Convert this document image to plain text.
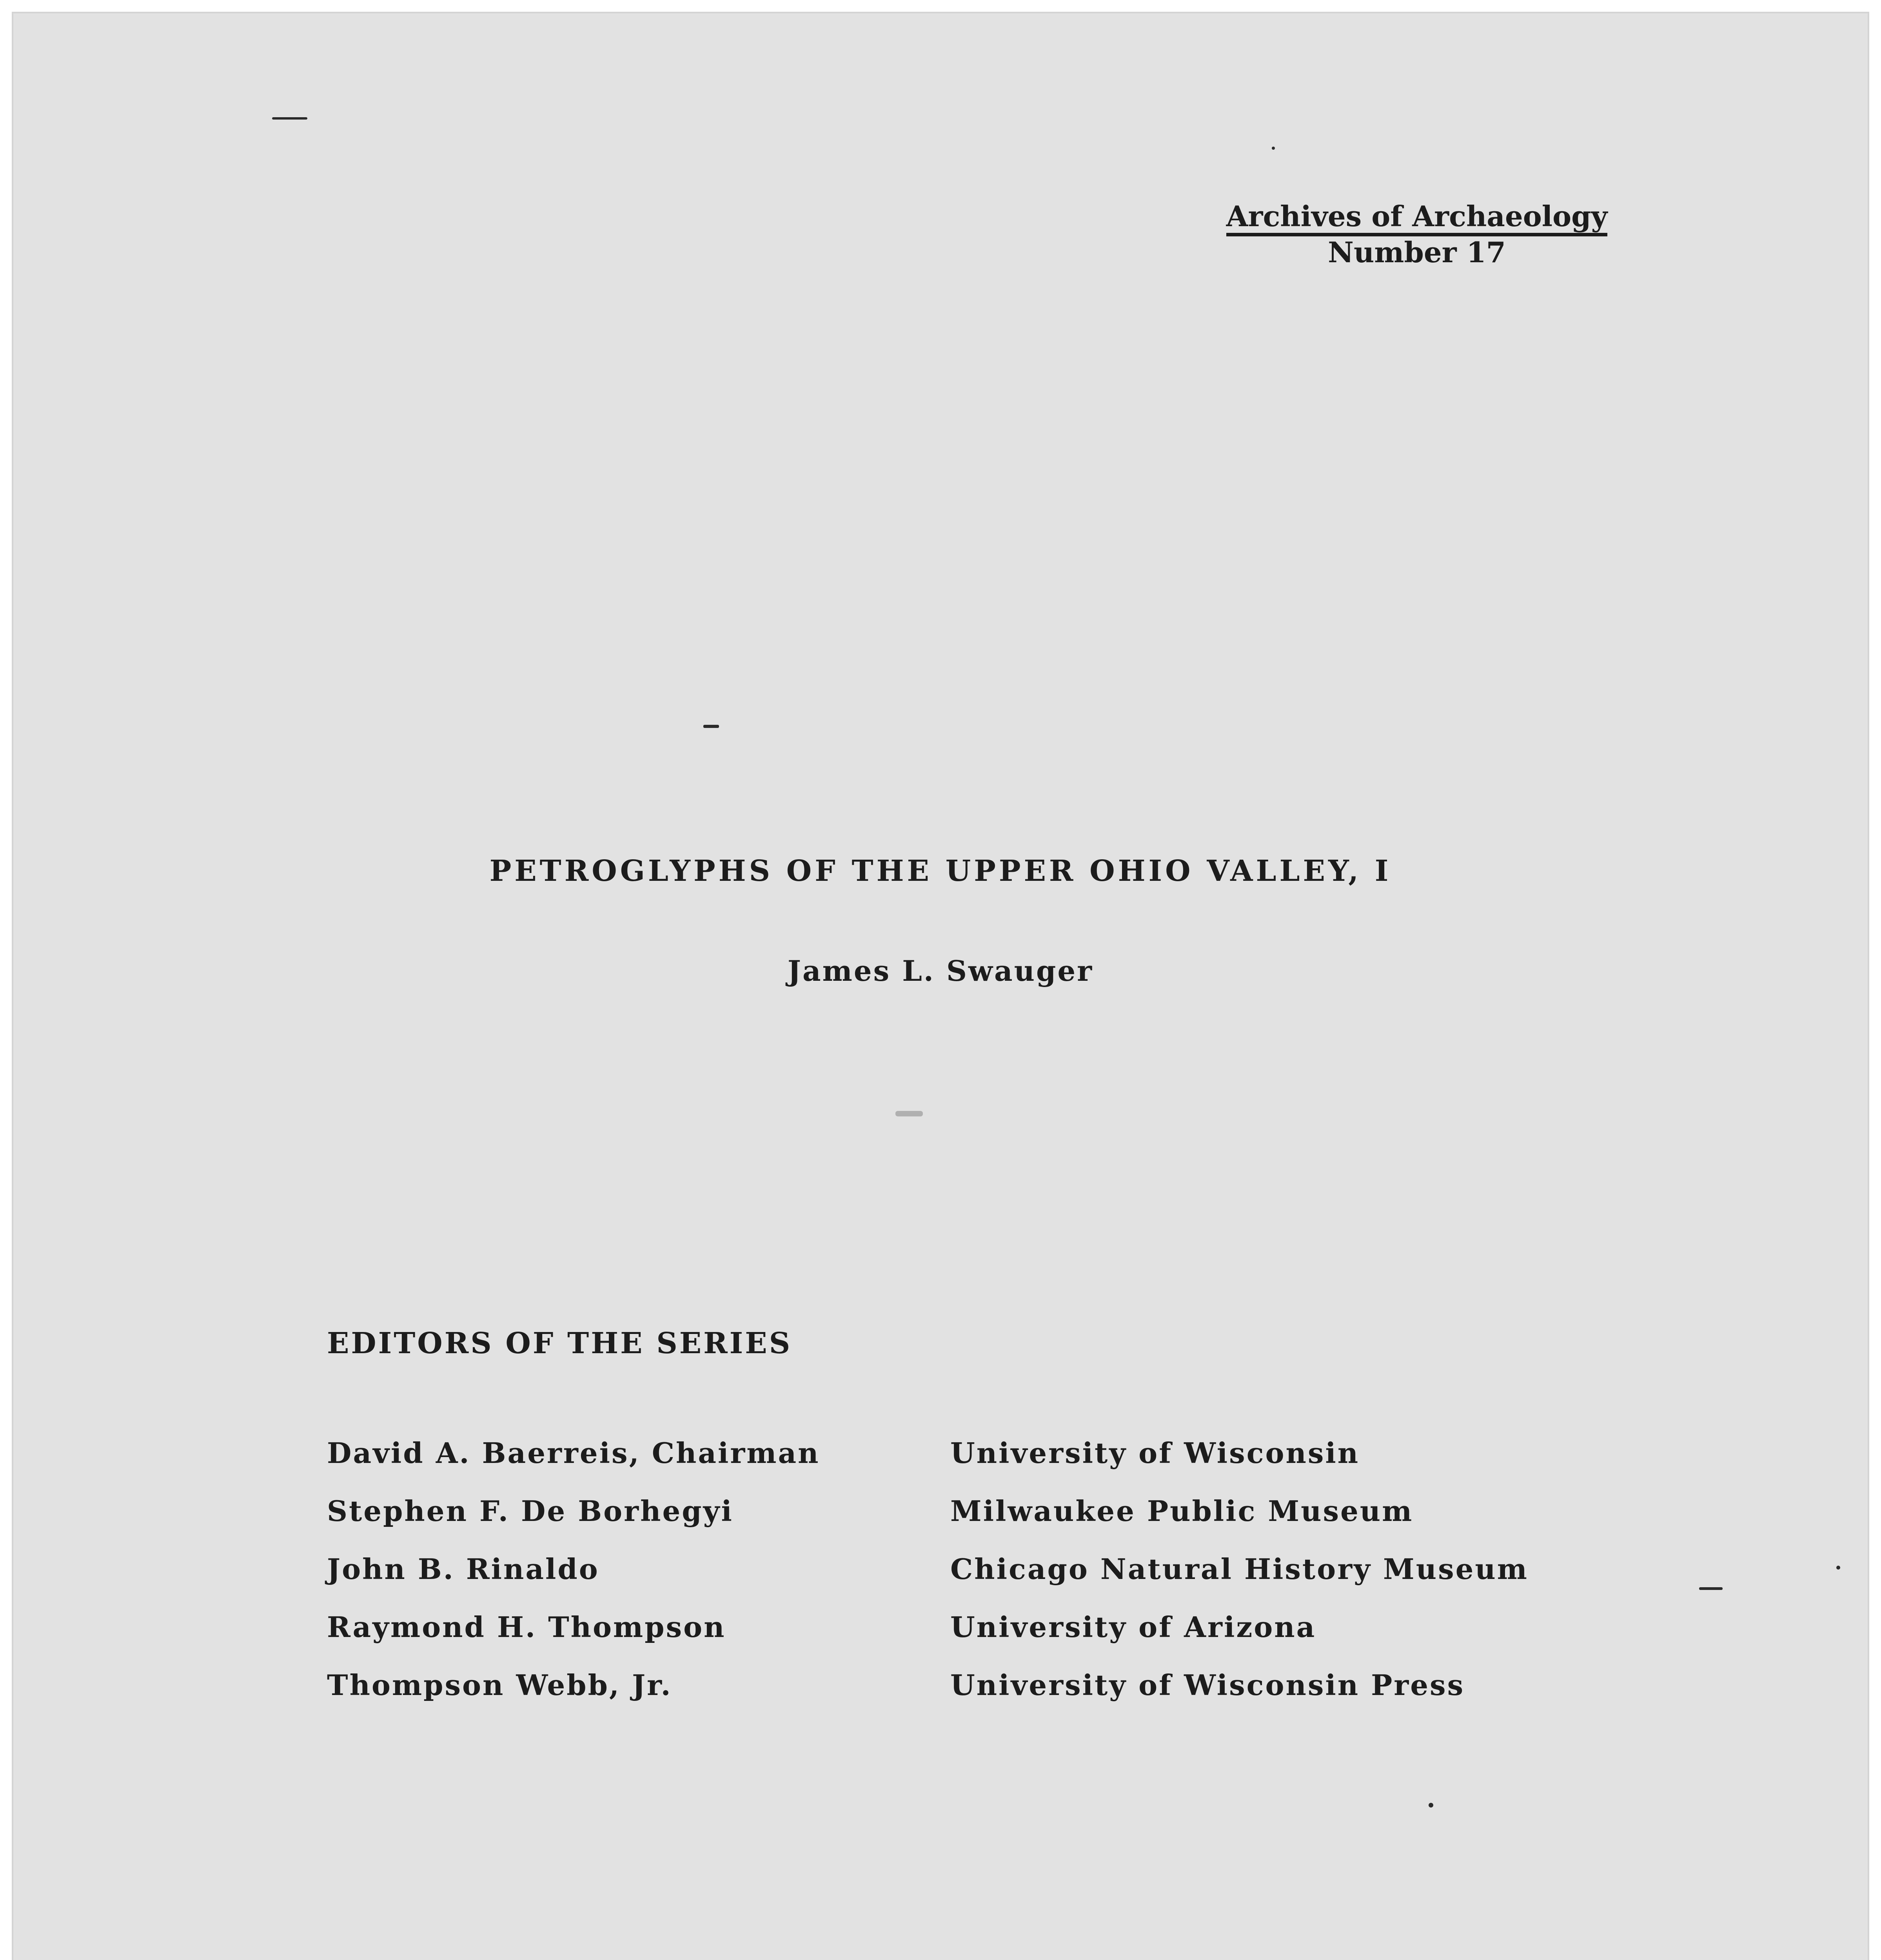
Archives of Archaeology
Number 17
PETROGLYPHS OF THE UPPER OHIO VALLEY, I

James L. Swauger

EDITORS OF THE SERIES
David A. Baerreis, Chairman	University of Wisconsin
Stephen F. De Borhegyi	Milwaukee Public Museum
John B. Rinaldo	Chicago Natural History Museum
Raymond H. Thompson	University of Arizona
Thompson Webb, Jr.	University of Wisconsin Press
